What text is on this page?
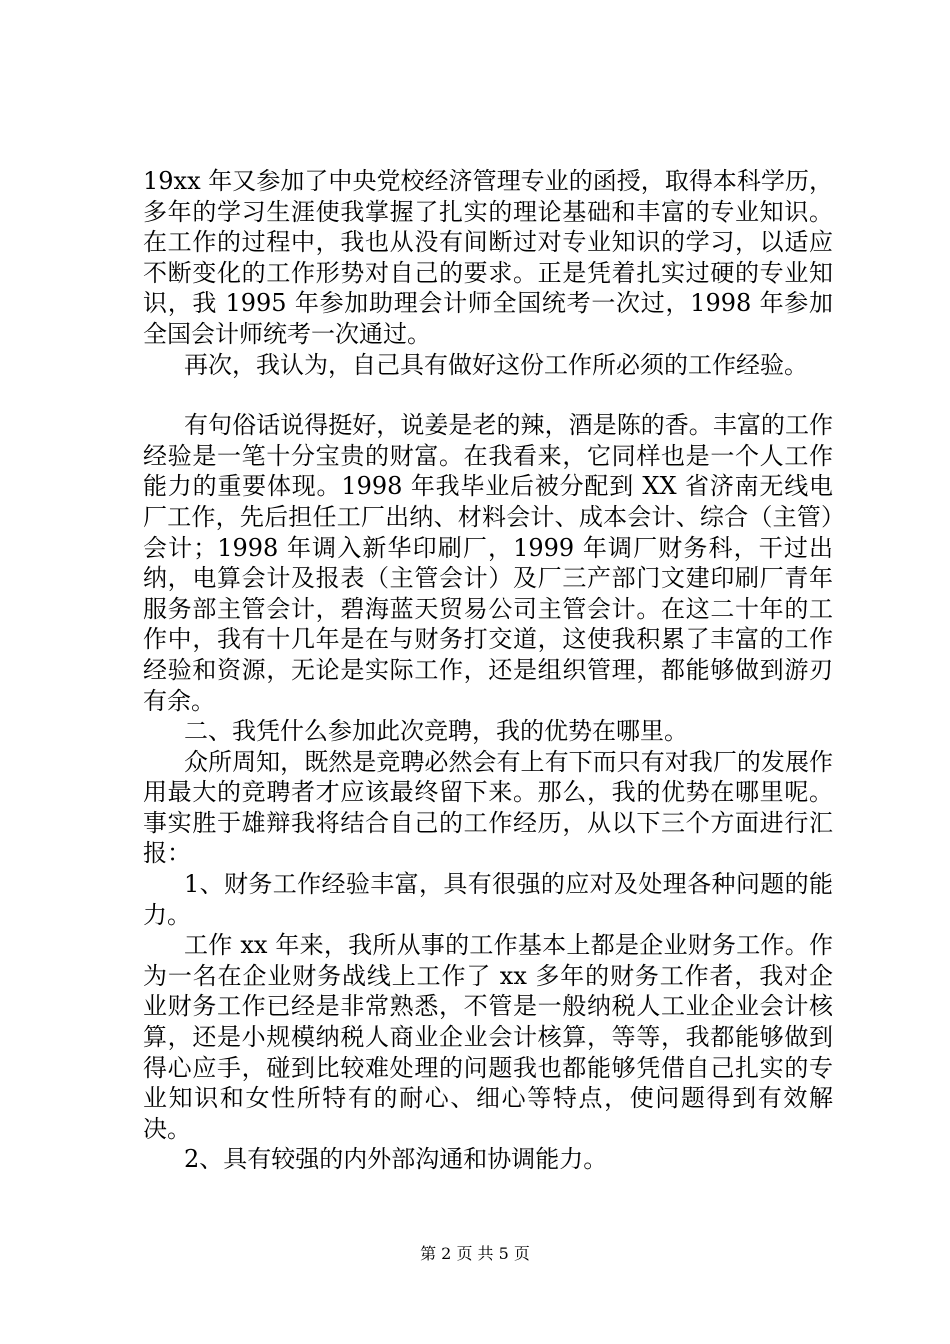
19xx 年又参加了中央党校经济管理专业的函授，取得本科学历，多年的学习生涯使我掌握了扎实的理论基础和丰富的专业知识。在工作的过程中，我也从没有间断过对专业知识的学习，以适应不断变化的工作形势对自己的要求。正是凭着扎实过硬的专业知识，我 1995 年参加助理会计师全国统考一次过，1998 年参加全国会计师统考一次通过。

再次，我认为，自己具有做好这份工作所必须的工作经验。

有句俗话说得挺好，说姜是老的辣，酒是陈的香。丰富的工作经验是一笔十分宝贵的财富。在我看来，它同样也是一个人工作能力的重要体现。1998 年我毕业后被分配到 XX 省济南无线电厂工作，先后担任工厂出纳、材料会计、成本会计、综合（主管）会计；1998 年调入新华印刷厂，1999 年调厂财务科，干过出纳，电算会计及报表（主管会计）及厂三产部门文建印刷厂青年服务部主管会计，碧海蓝天贸易公司主管会计。在这二十年的工作中，我有十几年是在与财务打交道，这使我积累了丰富的工作经验和资源，无论是实际工作，还是组织管理，都能够做到游刃有余。

二、我凭什么参加此次竞聘，我的优势在哪里。

众所周知，既然是竞聘必然会有上有下而只有对我厂的发展作用最大的竞聘者才应该最终留下来。那么，我的优势在哪里呢。事实胜于雄辩我将结合自己的工作经历，从以下三个方面进行汇报：

1、财务工作经验丰富，具有很强的应对及处理各种问题的能力。

工作 xx 年来，我所从事的工作基本上都是企业财务工作。作为一名在企业财务战线上工作了 xx 多年的财务工作者，我对企业财务工作已经是非常熟悉，不管是一般纳税人工业企业会计核算，还是小规模纳税人商业企业会计核算，等等，我都能够做到得心应手，碰到比较难处理的问题我也都能够凭借自己扎实的专业知识和女性所特有的耐心、细心等特点，使问题得到有效解决。

2、具有较强的内外部沟通和协调能力。

第 2 页 共 5 页
